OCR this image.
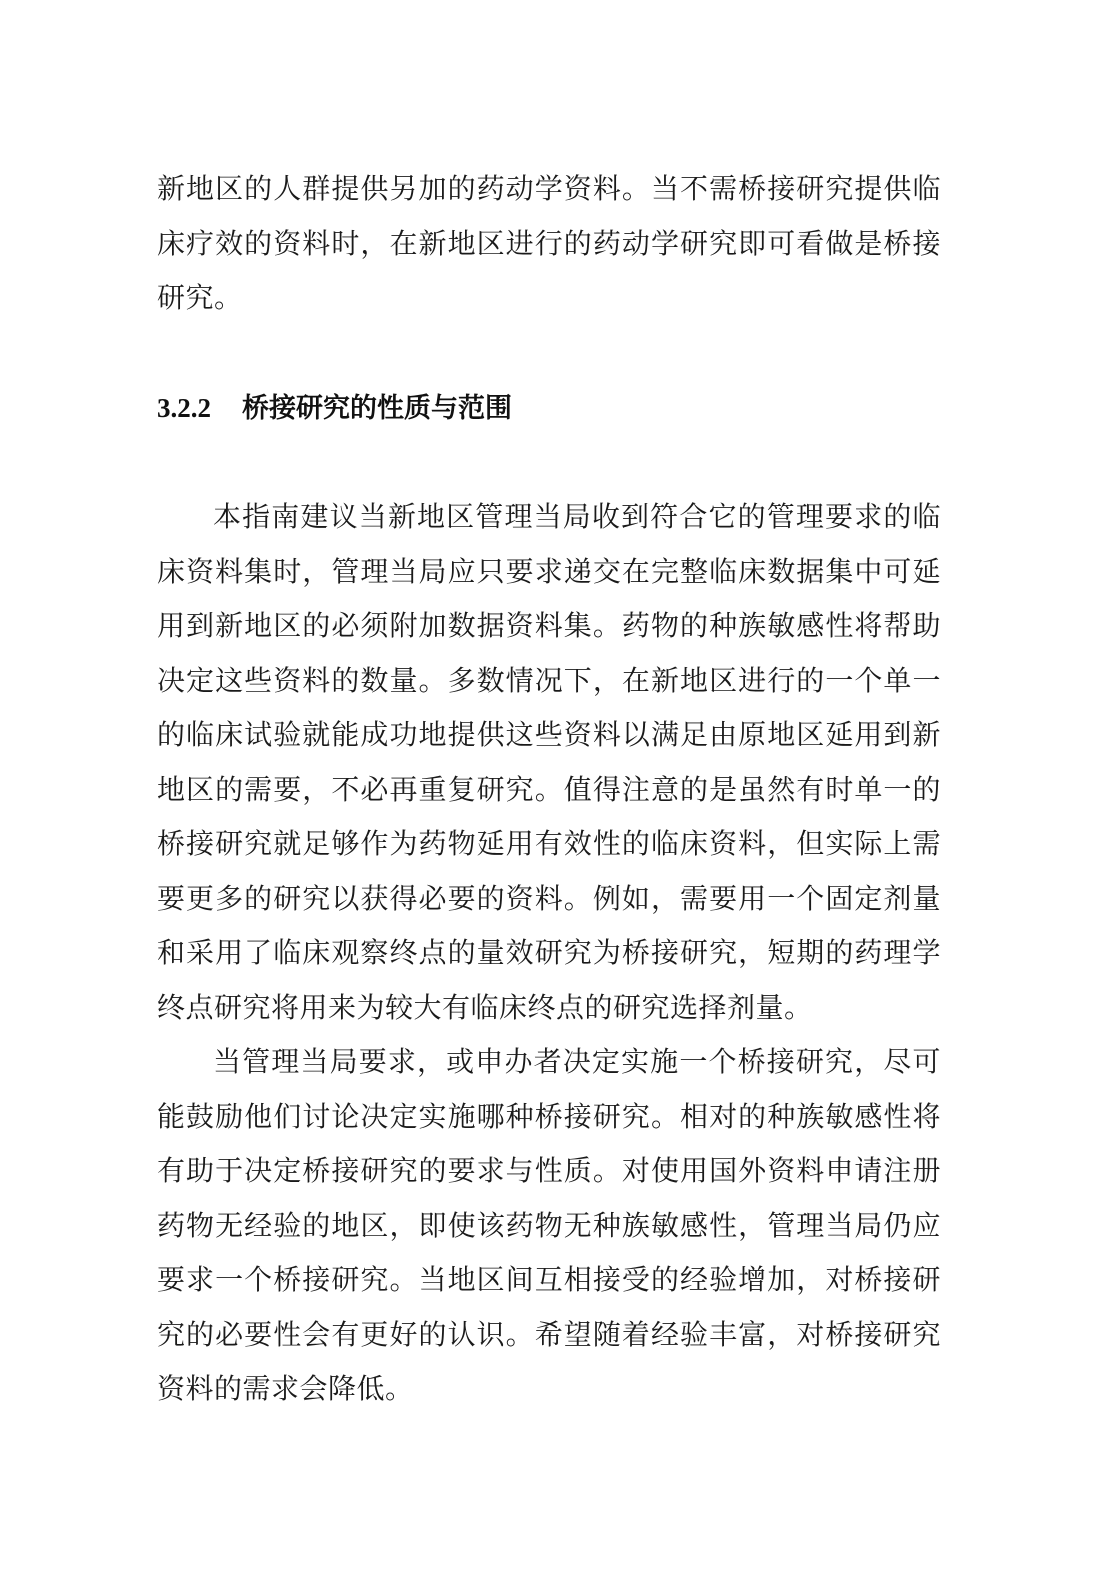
新地区的人群提供另加的药动学资料。当不需桥接研究提供临床疗效的资料时，在新地区进行的药动学研究即可看做是桥接研究。

3.2.2 桥接研究的性质与范围

本指南建议当新地区管理当局收到符合它的管理要求的临床资料集时，管理当局应只要求递交在完整临床数据集中可延用到新地区的必须附加数据资料集。药物的种族敏感性将帮助决定这些资料的数量。多数情况下，在新地区进行的一个单一的临床试验就能成功地提供这些资料以满足由原地区延用到新地区的需要，不必再重复研究。值得注意的是虽然有时单一的桥接研究就足够作为药物延用有效性的临床资料，但实际上需要更多的研究以获得必要的资料。例如，需要用一个固定剂量和采用了临床观察终点的量效研究为桥接研究，短期的药理学终点研究将用来为较大有临床终点的研究选择剂量。

当管理当局要求，或申办者决定实施一个桥接研究，尽可能鼓励他们讨论决定实施哪种桥接研究。相对的种族敏感性将有助于决定桥接研究的要求与性质。对使用国外资料申请注册药物无经验的地区，即使该药物无种族敏感性，管理当局仍应要求一个桥接研究。当地区间互相接受的经验增加，对桥接研究的必要性会有更好的认识。希望随着经验丰富，对桥接研究资料的需求会降低。
